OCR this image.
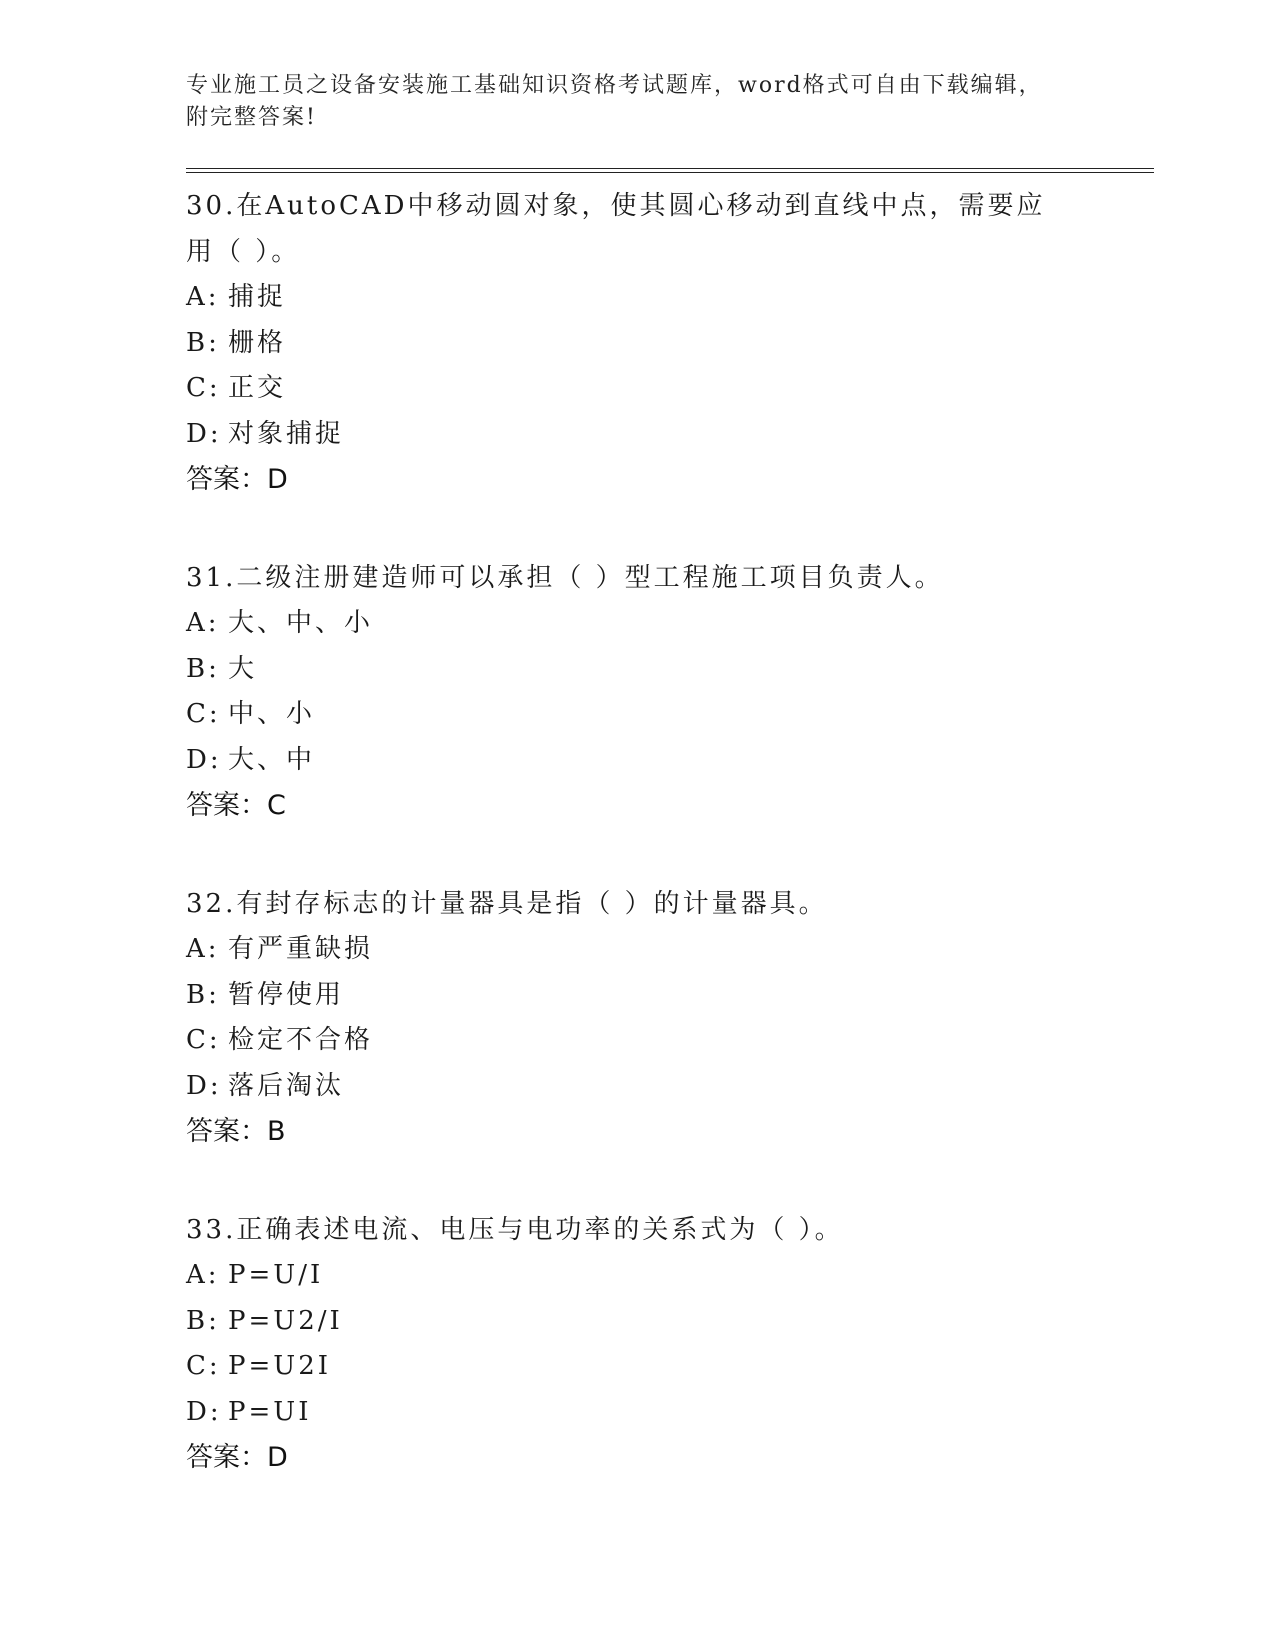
专业施工员之设备安装施工基础知识资格考试题库，word格式可自由下载编辑，
附完整答案!

30.在AutoCAD中移动圆对象，使其圆心移动到直线中点，需要应用（ ）。

A: 捕捉

B: 栅格

C: 正交

D: 对象捕捉

答案：D

31.二级注册建造师可以承担（ ）型工程施工项目负责人。

A: 大、中、小

B: 大

C: 中、小

D: 大、中

答案：C

32.有封存标志的计量器具是指（ ）的计量器具。

A: 有严重缺损

B: 暂停使用

C: 检定不合格

D: 落后淘汰

答案：B

33.正确表述电流、电压与电功率的关系式为（ ）。

A: P=U/I

B: P=U2/I

C: P=U2I

D: P=UI

答案：D
